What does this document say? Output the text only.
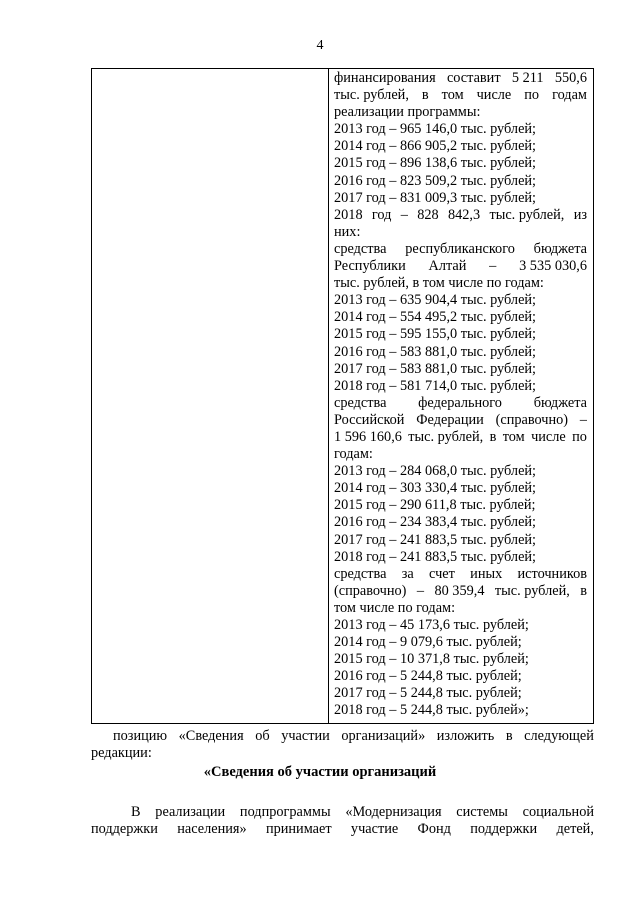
4
финансирования составит 5 211 550,6
тыс. рублей, в том числе по годам
реализации программы:
2013 год – 965 146,0 тыс. рублей;
2014 год – 866 905,2 тыс. рублей;
2015 год – 896 138,6 тыс. рублей;
2016 год – 823 509,2 тыс. рублей;
2017 год – 831 009,3 тыс. рублей;
2018 год – 828 842,3 тыс. рублей, из
них:
средства республиканского бюджета
Республики Алтай – 3 535 030,6
тыс. рублей, в том числе по годам:
2013 год – 635 904,4 тыс. рублей;
2014 год – 554 495,2 тыс. рублей;
2015 год – 595 155,0 тыс. рублей;
2016 год – 583 881,0 тыс. рублей;
2017 год – 583 881,0 тыс. рублей;
2018 год – 581 714,0 тыс. рублей;
средства федерального бюджета
Российской Федерации (справочно) –
1 596 160,6 тыс. рублей, в том числе по
годам:
2013 год – 284 068,0 тыс. рублей;
2014 год – 303 330,4 тыс. рублей;
2015 год – 290 611,8 тыс. рублей;
2016 год – 234 383,4 тыс. рублей;
2017 год – 241 883,5 тыс. рублей;
2018 год – 241 883,5 тыс. рублей;
средства за счет иных источников
(справочно) – 80 359,4 тыс. рублей, в
том числе по годам:
2013 год – 45 173,6 тыс. рублей;
2014 год – 9 079,6 тыс. рублей;
2015 год – 10 371,8 тыс. рублей;
2016 год – 5 244,8 тыс. рублей;
2017 год – 5 244,8 тыс. рублей;
2018 год – 5 244,8 тыс. рублей»;
позицию «Сведения об участии организаций» изложить в следующей
редакции:
«Сведения об участии организаций
В реализации подпрограммы «Модернизация системы социальной
поддержки населения» принимает участие Фонд поддержки детей,
